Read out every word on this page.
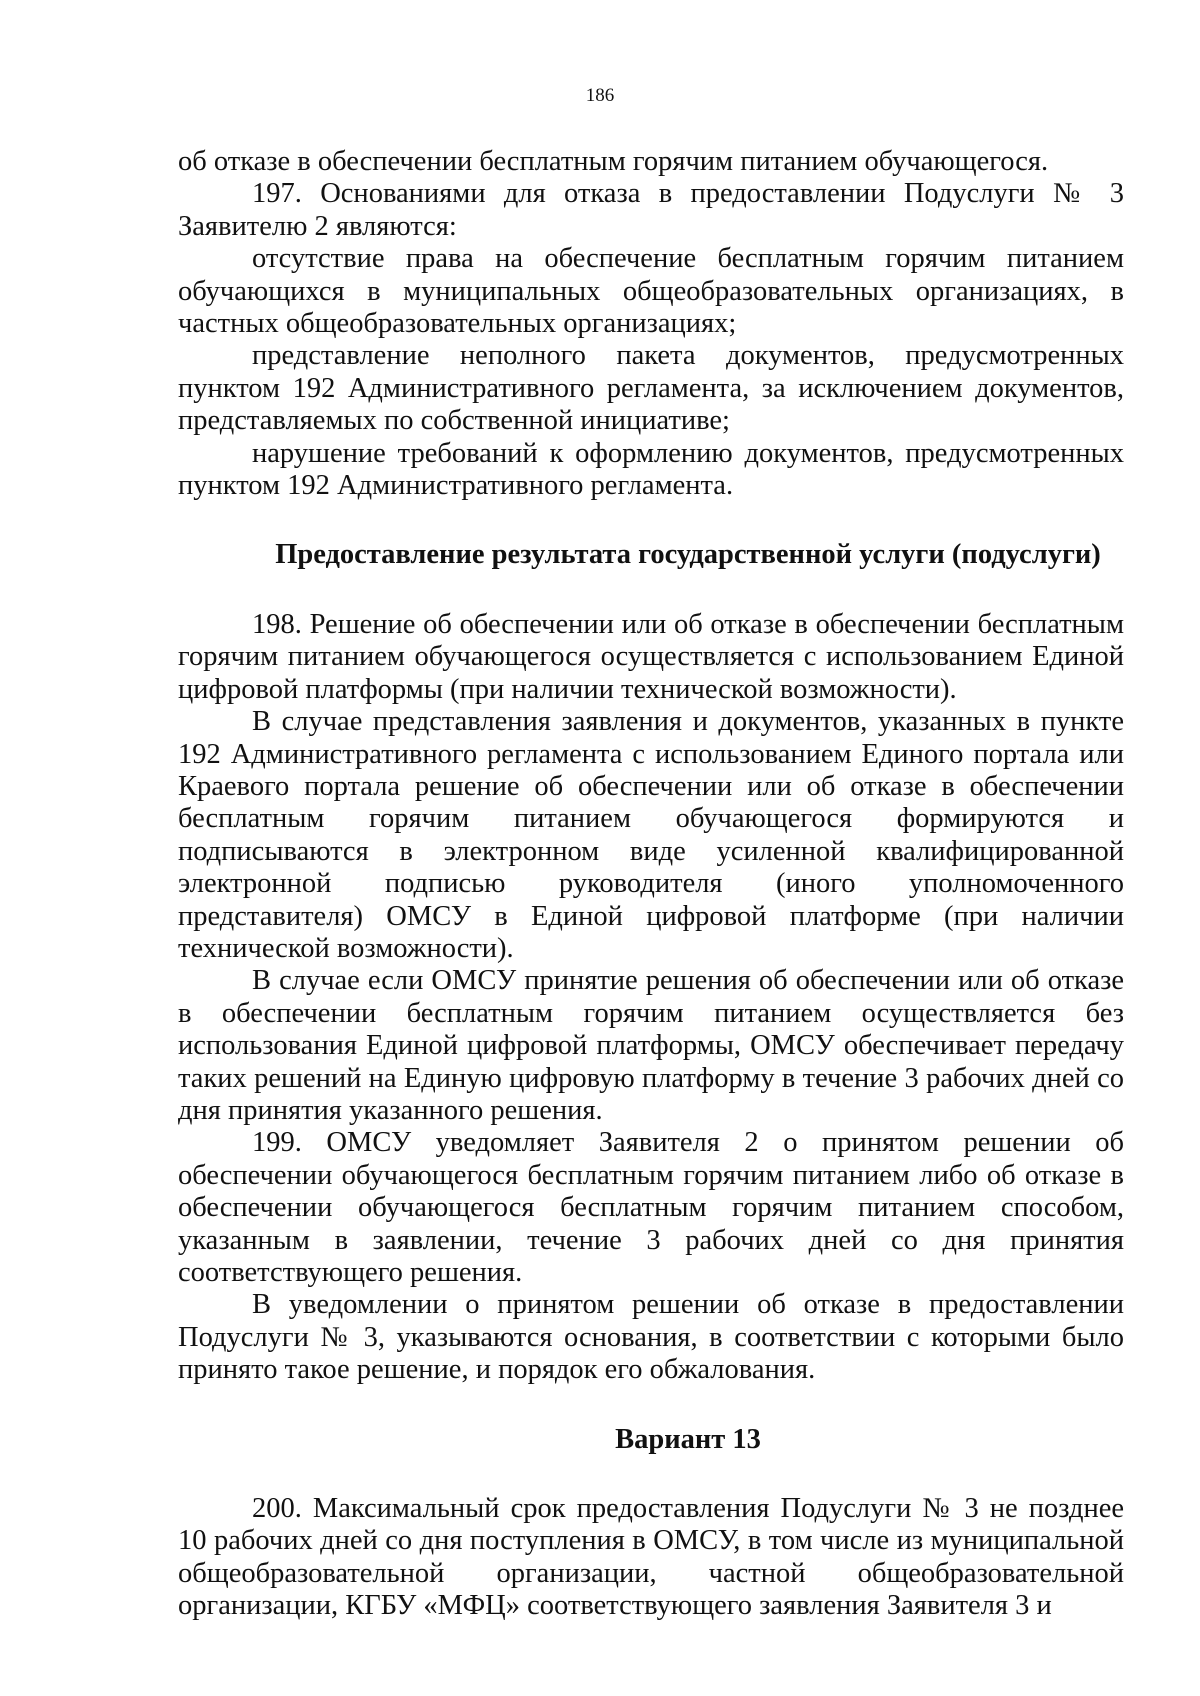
186

об отказе в обеспечении бесплатным горячим питанием обучающегося.

197. Основаниями для отказа в предоставлении Подуслуги № 3 Заявителю 2 являются:

отсутствие права на обеспечение бесплатным горячим питанием обучающихся в муниципальных общеобразовательных организациях, в частных общеобразовательных организациях;

представление неполного пакета документов, предусмотренных пунктом 192 Административного регламента, за исключением документов, представляемых по собственной инициативе;

нарушение требований к оформлению документов, предусмотренных пунктом 192 Административного регламента.

Предоставление результата государственной услуги (подуслуги)

198. Решение об обеспечении или об отказе в обеспечении бесплатным горячим питанием обучающегося осуществляется с использованием Единой цифровой платформы (при наличии технической возможности).

В случае представления заявления и документов, указанных в пункте 192 Административного регламента с использованием Единого портала или Краевого портала решение об обеспечении или об отказе в обеспечении бесплатным горячим питанием обучающегося формируются и подписываются в электронном виде усиленной квалифицированной электронной подписью руководителя (иного уполномоченного представителя) ОМСУ в Единой цифровой платформе (при наличии технической возможности).

В случае если ОМСУ принятие решения об обеспечении или об отказе в обеспечении бесплатным горячим питанием осуществляется без использования Единой цифровой платформы, ОМСУ обеспечивает передачу таких решений на Единую цифровую платформу в течение 3 рабочих дней со дня принятия указанного решения.

199. ОМСУ уведомляет Заявителя 2 о принятом решении об обеспечении обучающегося бесплатным горячим питанием либо об отказе в обеспечении обучающегося бесплатным горячим питанием способом, указанным в заявлении, течение 3 рабочих дней со дня принятия соответствующего решения.

В уведомлении о принятом решении об отказе в предоставлении Подуслуги № 3, указываются основания, в соответствии с которыми было принято такое решение, и порядок его обжалования.

Вариант 13

200. Максимальный срок предоставления Подуслуги № 3 не позднее 10 рабочих дней со дня поступления в ОМСУ, в том числе из муниципальной общеобразовательной организации, частной общеобразовательной организации, КГБУ «МФЦ» соответствующего заявления Заявителя 3 и
